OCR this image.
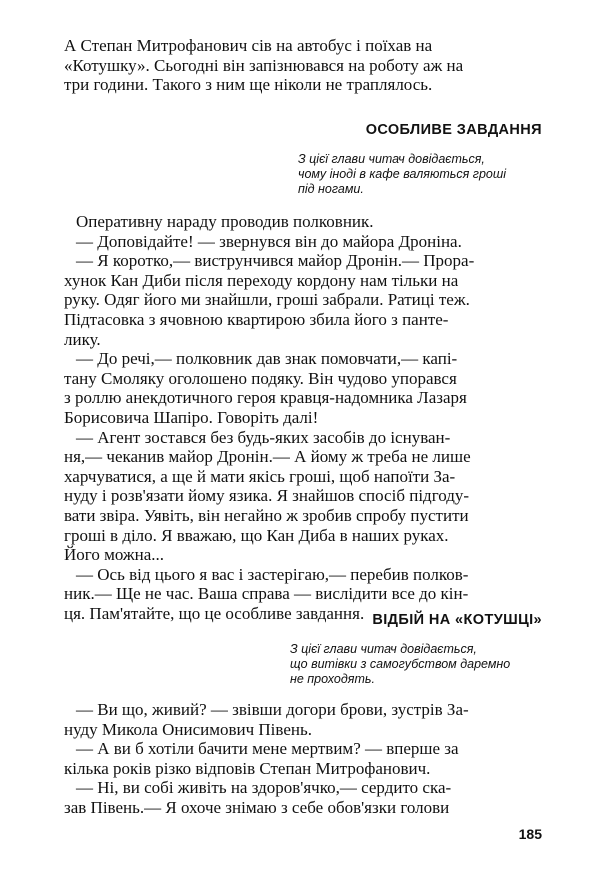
А Степан Митрофанович сів на автобус і поїхав на
«Котушку». Сьогодні він запізнювався на роботу аж на
три години. Такого з ним ще ніколи не траплялось.
ОСОБЛИВЕ ЗАВДАННЯ
З цієї глави читач довідається,
чому іноді в кафе валяються гроші
під ногами.
Оперативну нараду проводив полковник.
— Доповідайте! — звернувся він до майора Дроніна.
— Я коротко,— виструнчився майор Дронін.— Прора-
хунок Кан Диби після переходу кордону нам тільки на
руку. Одяг його ми знайшли, гроші забрали. Ратиці теж.
Підтасовка з ячовною квартирою збила його з пантe-
лику.
— До речі,— полковник дав знак помовчати,— капі-
тану Смоляку оголошено подяку. Він чудово упорався
з роллю анекдотичного героя кравця-надомника Лазаря
Борисовича Шапіро. Говоріть далі!
— Агент зостався без будь-яких засобів до існуван-
ня,— чеканив майор Дронін.— А йому ж треба не лише
харчуватися, а ще й мати якісь гроші, щоб напоїти За-
нуду і розв'язати йому язика. Я знайшов спосіб підгоду-
вати звіра. Уявіть, він негайно ж зробив спробу пустити
гроші в діло. Я вважаю, що Кан Диба в наших руках.
Його можна...
— Ось від цього я вас і застерігаю,— перебив полков-
ник.— Ще не час. Ваша справа — вислідити все до кін-
ця. Пам'ятайте, що це особливе завдання. ВІДБІЙ НА «КОТУШЦІ»
З цієї глави читач довідається,
що витівки з самогубством даремно
не проходять.
— Ви що, живий? — звівши догори брови, зустрів За-
нуду Микола Онисимович Півень.
— А ви б хотіли бачити мене мертвим? — вперше за
кілька років різко відповів Степан Митрофанович.
— Ні, ви собі живіть на здоров'ячко,— сердито ска-
зав Півень.— Я охоче знімаю з себе обов'язки голови

185
